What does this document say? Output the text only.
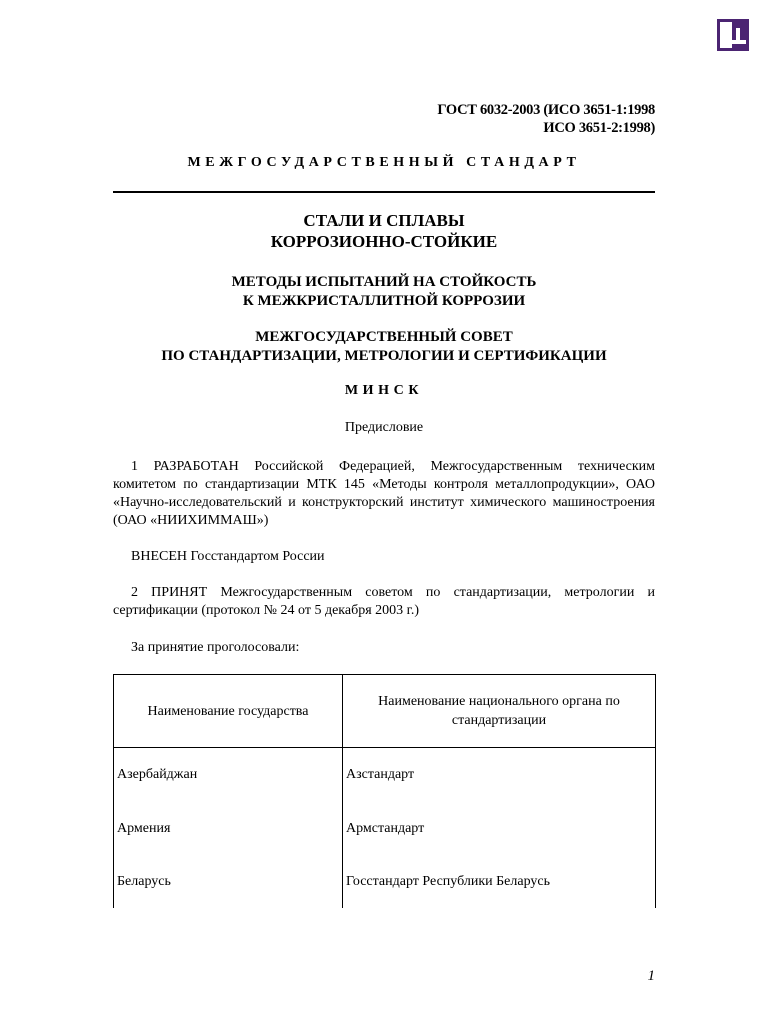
ГОСТ 6032-2003 (ИСО 3651-1:1998
ИСО 3651-2:1998)
МЕЖГОСУДАРСТВЕННЫЙ СТАНДАРТ
СТАЛИ И СПЛАВЫ
КОРРОЗИОННО-СТОЙКИЕ
МЕТОДЫ ИСПЫТАНИЙ НА СТОЙКОСТЬ
К МЕЖКРИСТАЛЛИТНОЙ КОРРОЗИИ
МЕЖГОСУДАРСТВЕННЫЙ СОВЕТ
ПО СТАНДАРТИЗАЦИИ, МЕТРОЛОГИИ И СЕРТИФИКАЦИИ
МИНСК
Предисловие
1 РАЗРАБОТАН Российской Федерацией, Межгосударственным техническим комитетом по стандартизации МТК 145 «Методы контроля металлопродукции», ОАО «Научно-исследовательский и конструкторский институт химического машиностроения (ОАО «НИИХИММАШ»)
ВНЕСЕН Госстандартом России
2 ПРИНЯТ Межгосударственным советом по стандартизации, метрологии и сертификации (протокол № 24 от 5 декабря 2003 г.)
За принятие проголосовали:
Наименование государства	Наименование национального органа по стандартизации
Азербайджан	Азстандарт
Армения	Армстандарт
Беларусь	Госстандарт Республики Беларусь
1
